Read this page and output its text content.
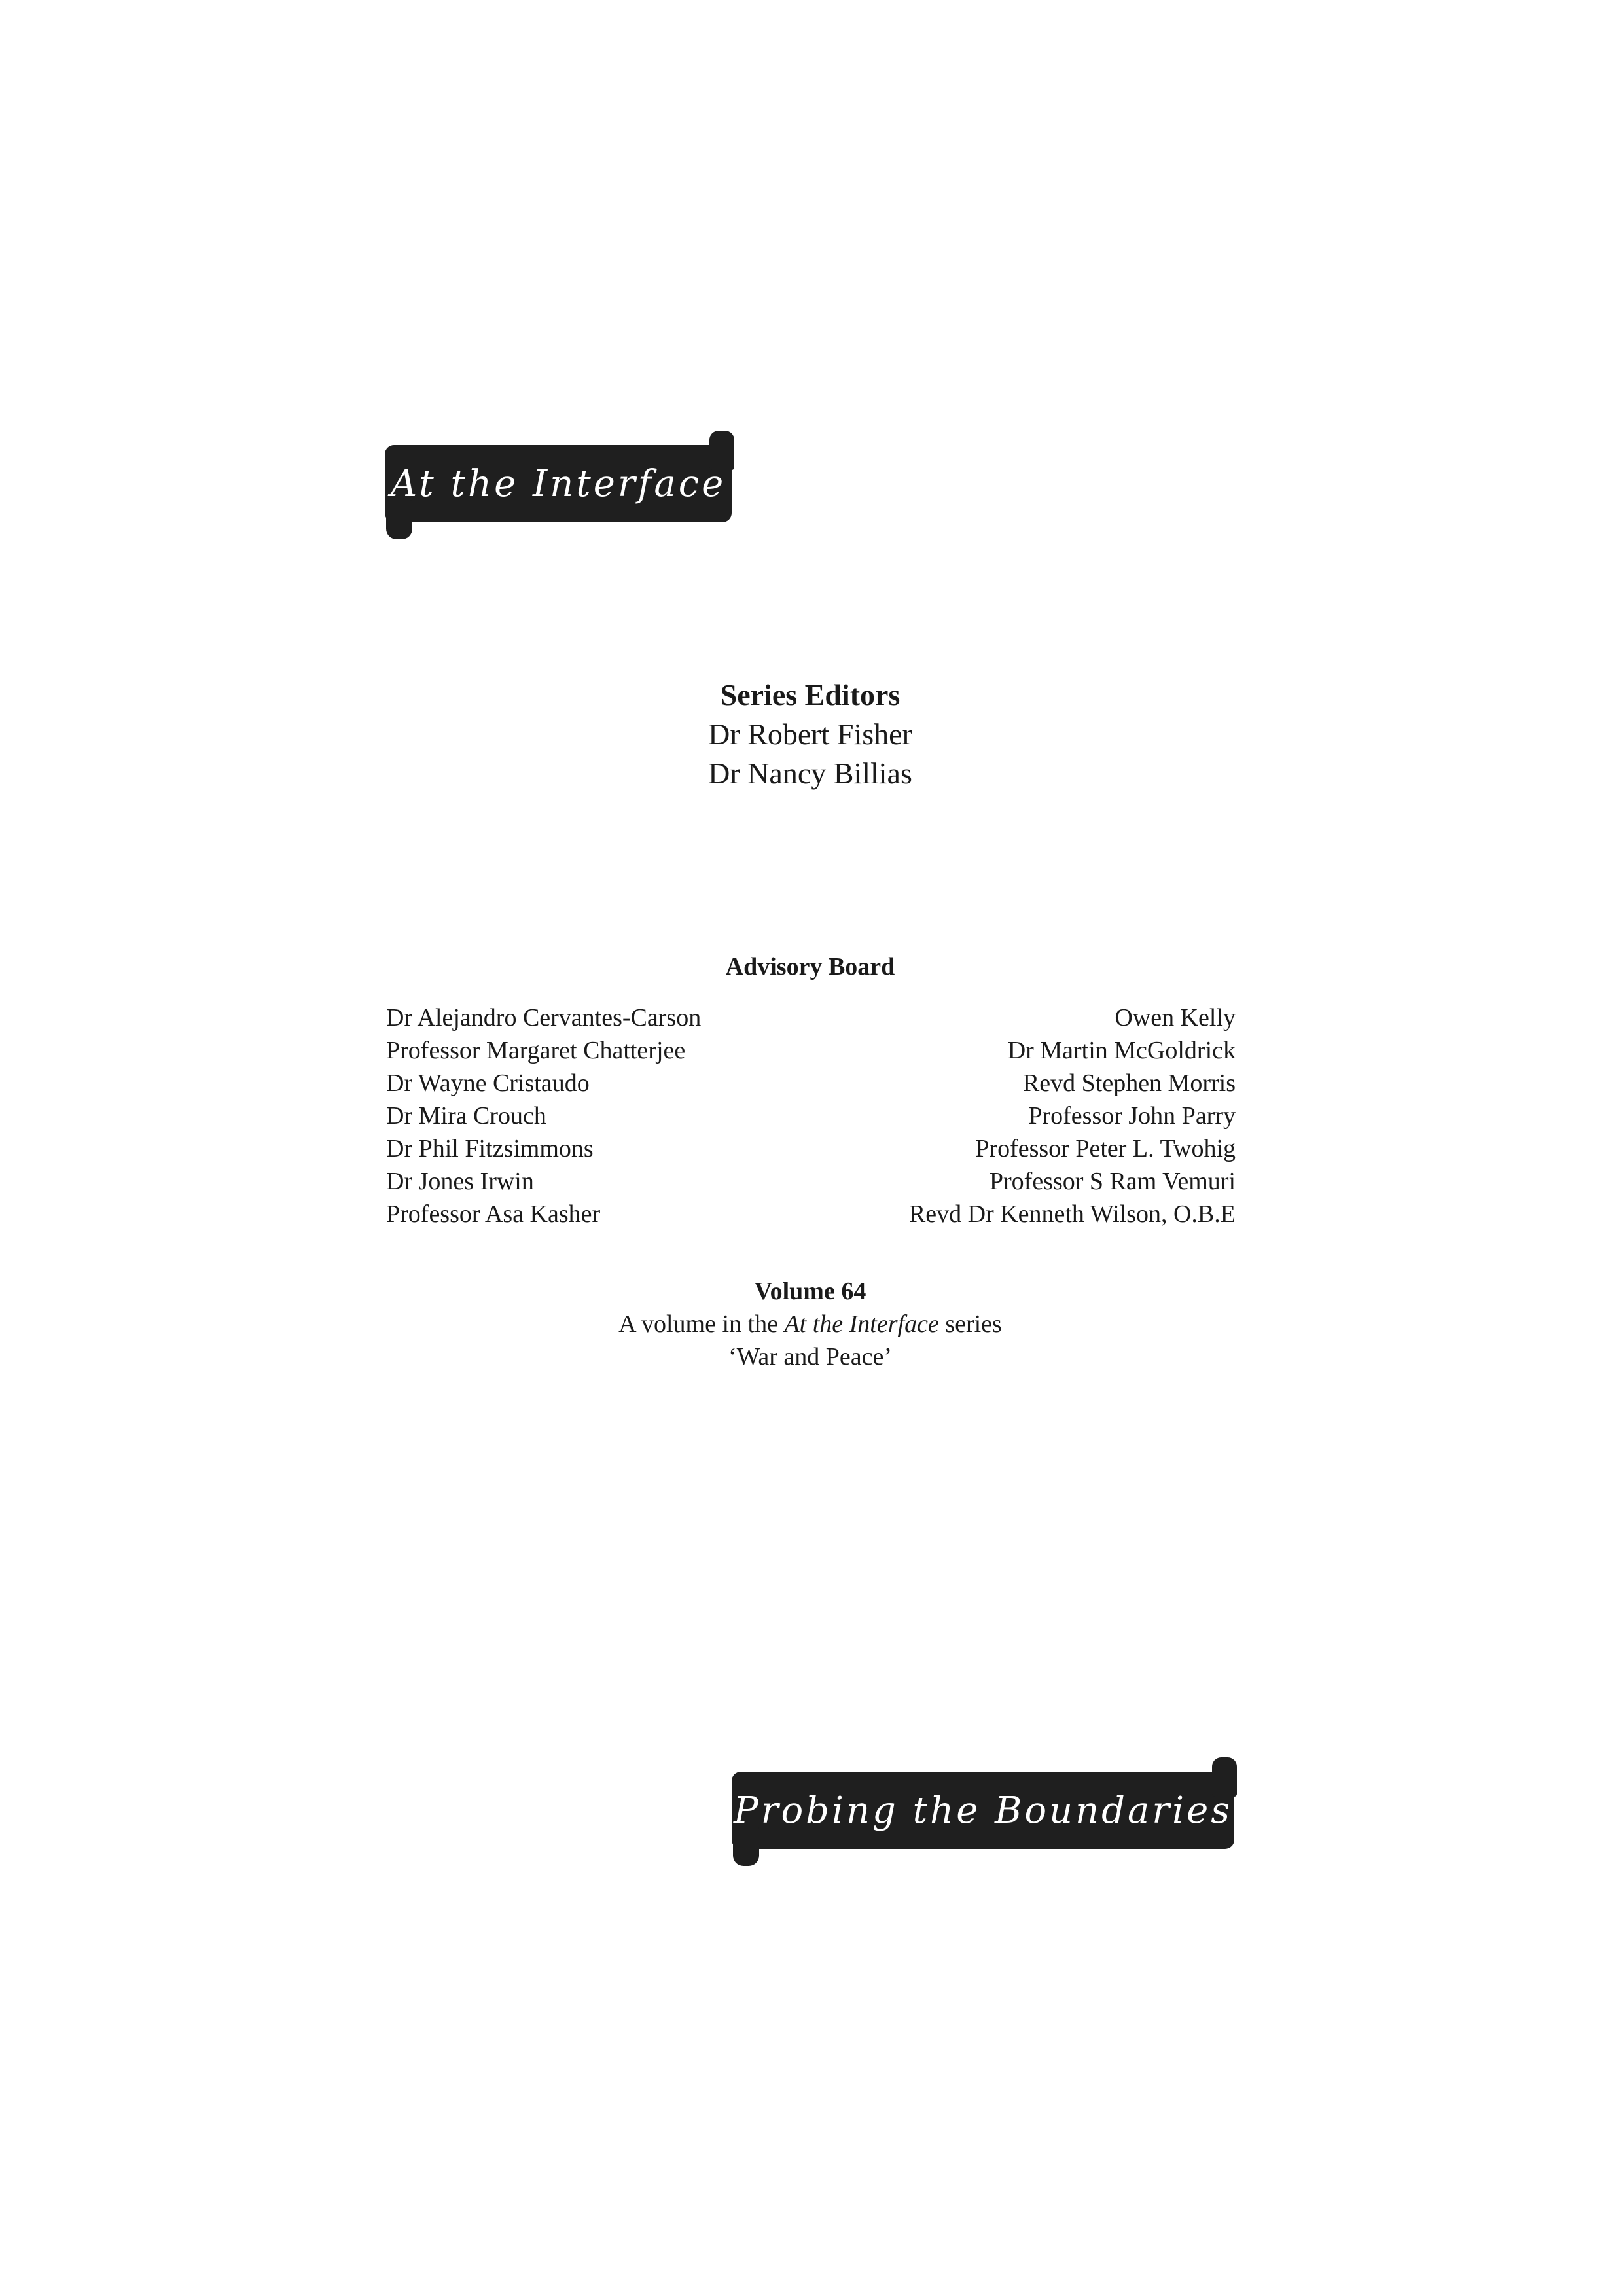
At the Interface
Series Editors
Dr Robert Fisher
Dr Nancy Billias
Advisory Board
Dr Alejandro Cervantes-Carson
Professor Margaret Chatterjee
Dr Wayne Cristaudo
Dr Mira Crouch
Dr Phil Fitzsimmons
Dr Jones Irwin
Professor Asa Kasher
Owen Kelly
Dr Martin McGoldrick
Revd Stephen Morris
Professor John Parry
Professor Peter L. Twohig
Professor S Ram Vemuri
Revd Dr Kenneth Wilson, O.B.E
Volume 64
A volume in the At the Interface series
‘War and Peace’
Probing the Boundaries
